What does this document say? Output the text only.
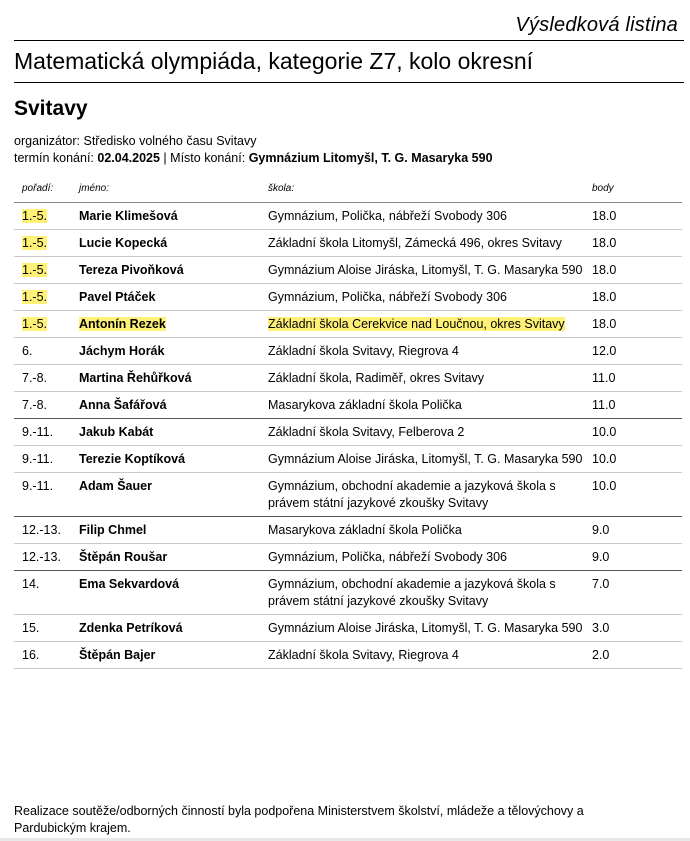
Výsledková listina
Matematická olympiáda, kategorie Z7, kolo okresní
Svitavy
organizátor: Středisko volného času Svitavy
termín konání: 02.04.2025 | Místo konání: Gymnázium Litomyšl, T. G. Masaryka 590
pořadí:	jméno:	škola:	body
1.-5.	Marie Klimešová	Gymnázium, Polička, nábřeží Svobody 306	18.0
1.-5.	Lucie Kopecká	Základní škola Litomyšl, Zámecká 496, okres Svitavy	18.0
1.-5.	Tereza Pivoňková	Gymnázium Aloise Jiráska, Litomyšl, T. G. Masaryka 590	18.0
1.-5.	Pavel Ptáček	Gymnázium, Polička, nábřeží Svobody 306	18.0
1.-5.	Antonín Rezek	Základní škola Cerekvice nad Loučnou, okres Svitavy	18.0
6.	Jáchym Horák	Základní škola Svitavy, Riegrova 4	12.0
7.-8.	Martina Řehůřková	Základní škola, Radiměř, okres Svitavy	11.0
7.-8.	Anna Šafářová	Masarykova základní škola Polička	11.0
9.-11.	Jakub Kabát	Základní škola Svitavy, Felberova 2	10.0
9.-11.	Terezie Koptíková	Gymnázium Aloise Jiráska, Litomyšl, T. G. Masaryka 590	10.0
9.-11.	Adam Šauer	Gymnázium, obchodní akademie a jazyková škola s právem státní jazykové zkoušky Svitavy	10.0
12.-13.	Filip Chmel	Masarykova základní škola Polička	9.0
12.-13.	Štěpán Roušar	Gymnázium, Polička, nábřeží Svobody 306	9.0
14.	Ema Sekvardová	Gymnázium, obchodní akademie a jazyková škola s právem státní jazykové zkoušky Svitavy	7.0
15.	Zdenka Petríková	Gymnázium Aloise Jiráska, Litomyšl, T. G. Masaryka 590	3.0
16.	Štěpán Bajer	Základní škola Svitavy, Riegrova 4	2.0
Realizace soutěže/odborných činností byla podpořena Ministerstvem školství, mládeže a tělovýchovy a Pardubickým krajem.
